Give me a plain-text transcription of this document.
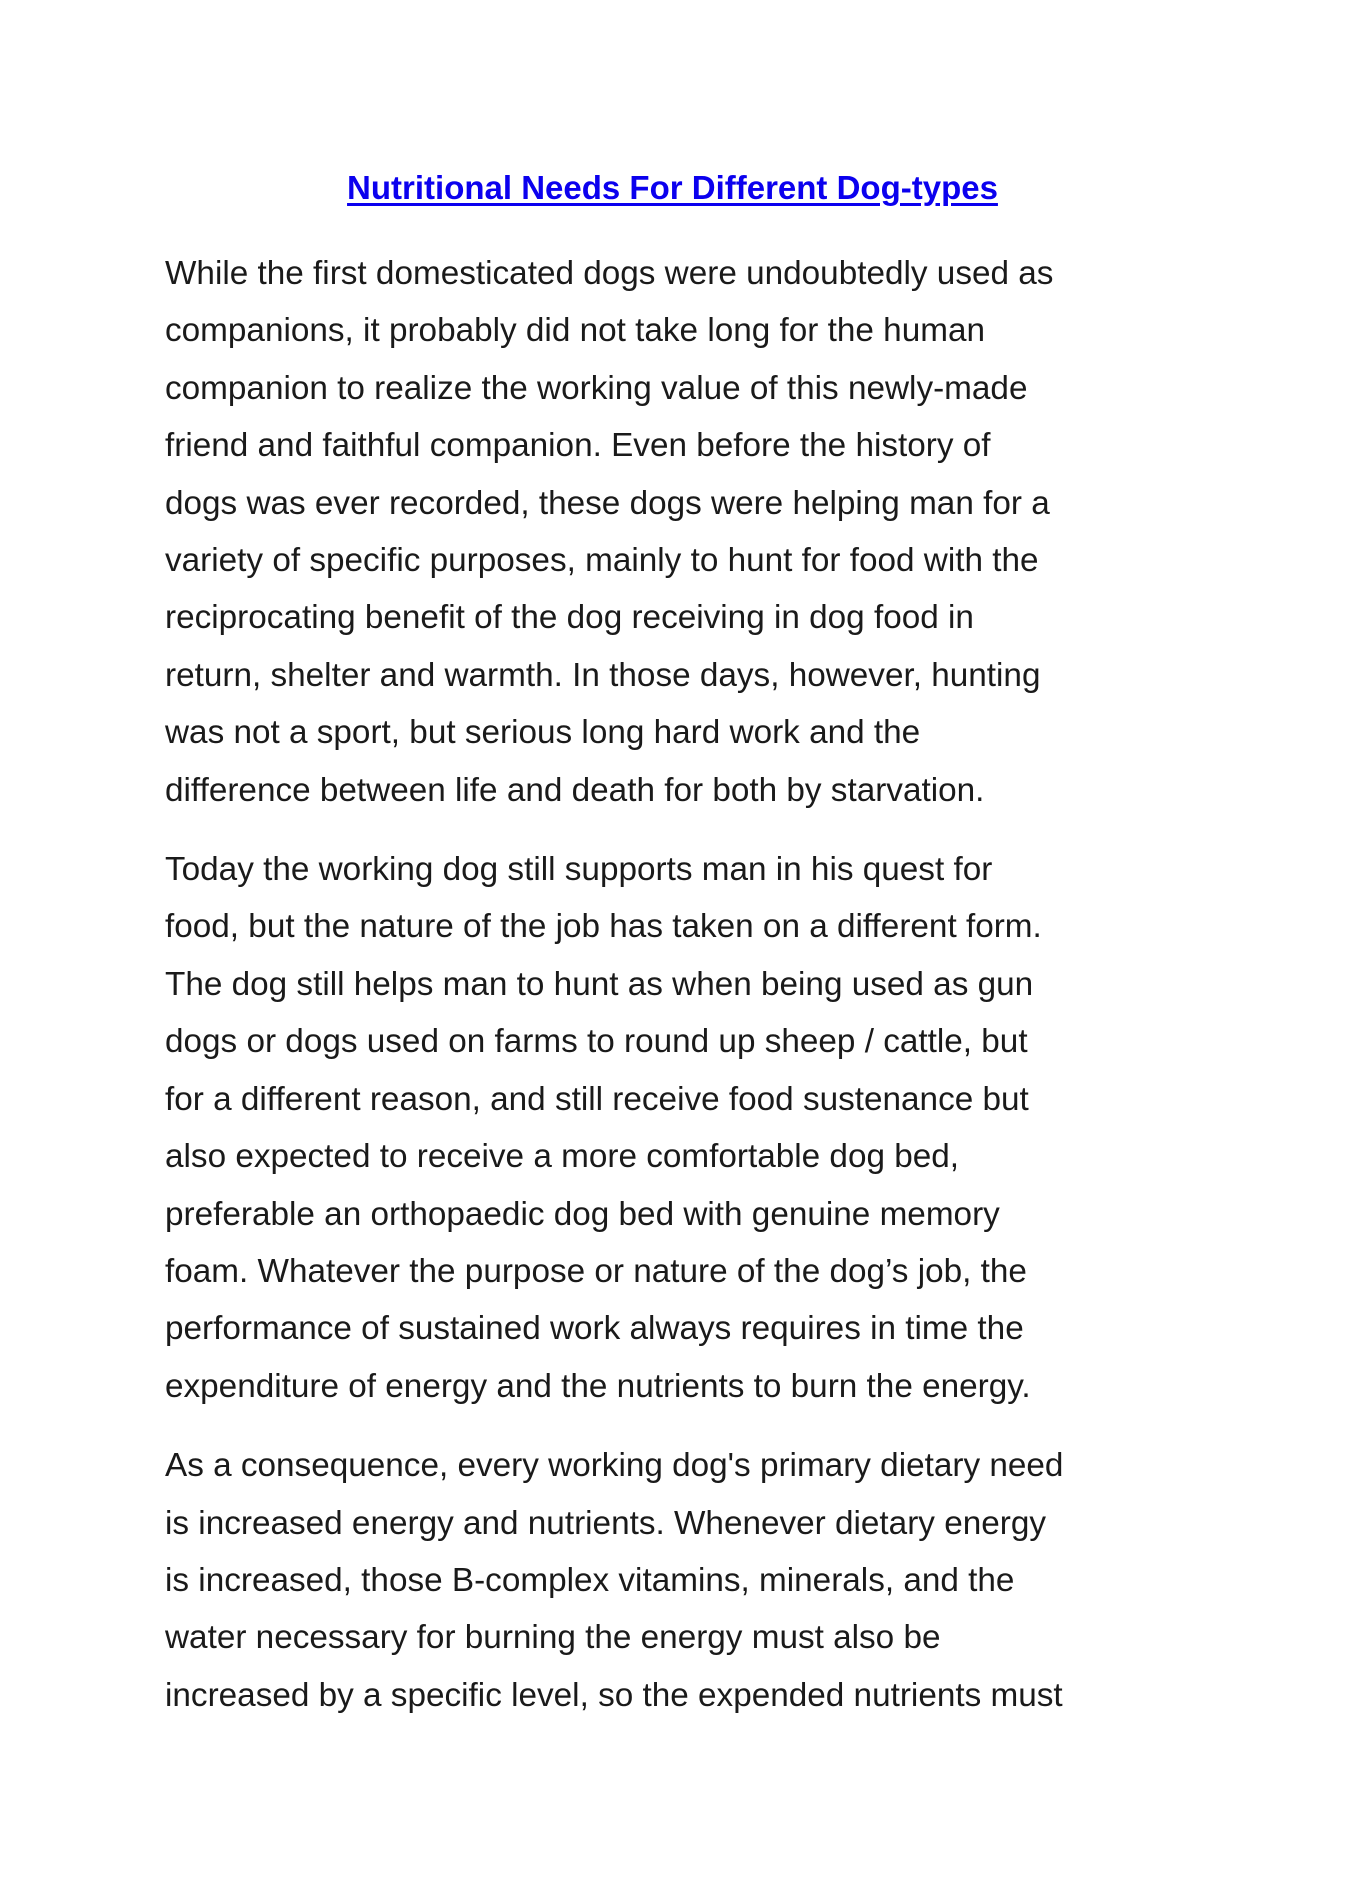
Nutritional Needs For Different Dog-types

While the first domesticated dogs were undoubtedly used as
companions, it probably did not take long for the human
companion to realize the working value of this newly-made
friend and faithful companion. Even before the history of
dogs was ever recorded, these dogs were helping man for a
variety of specific purposes, mainly to hunt for food with the
reciprocating benefit of the dog receiving in dog food in
return, shelter and warmth. In those days, however, hunting
was not a sport, but serious long hard work and the
difference between life and death for both by starvation.

Today the working dog still supports man in his quest for
food, but the nature of the job has taken on a different form.
The dog still helps man to hunt as when being used as gun
dogs or dogs used on farms to round up sheep / cattle, but
for a different reason, and still receive food sustenance but
also expected to receive a more comfortable dog bed,
preferable an orthopaedic dog bed with genuine memory
foam. Whatever the purpose or nature of the dog’s job, the
performance of sustained work always requires in time the
expenditure of energy and the nutrients to burn the energy.

As a consequence, every working dog's primary dietary need
is increased energy and nutrients. Whenever dietary energy
is increased, those B-complex vitamins, minerals, and the
water necessary for burning the energy must also be
increased by a specific level, so the expended nutrients must
